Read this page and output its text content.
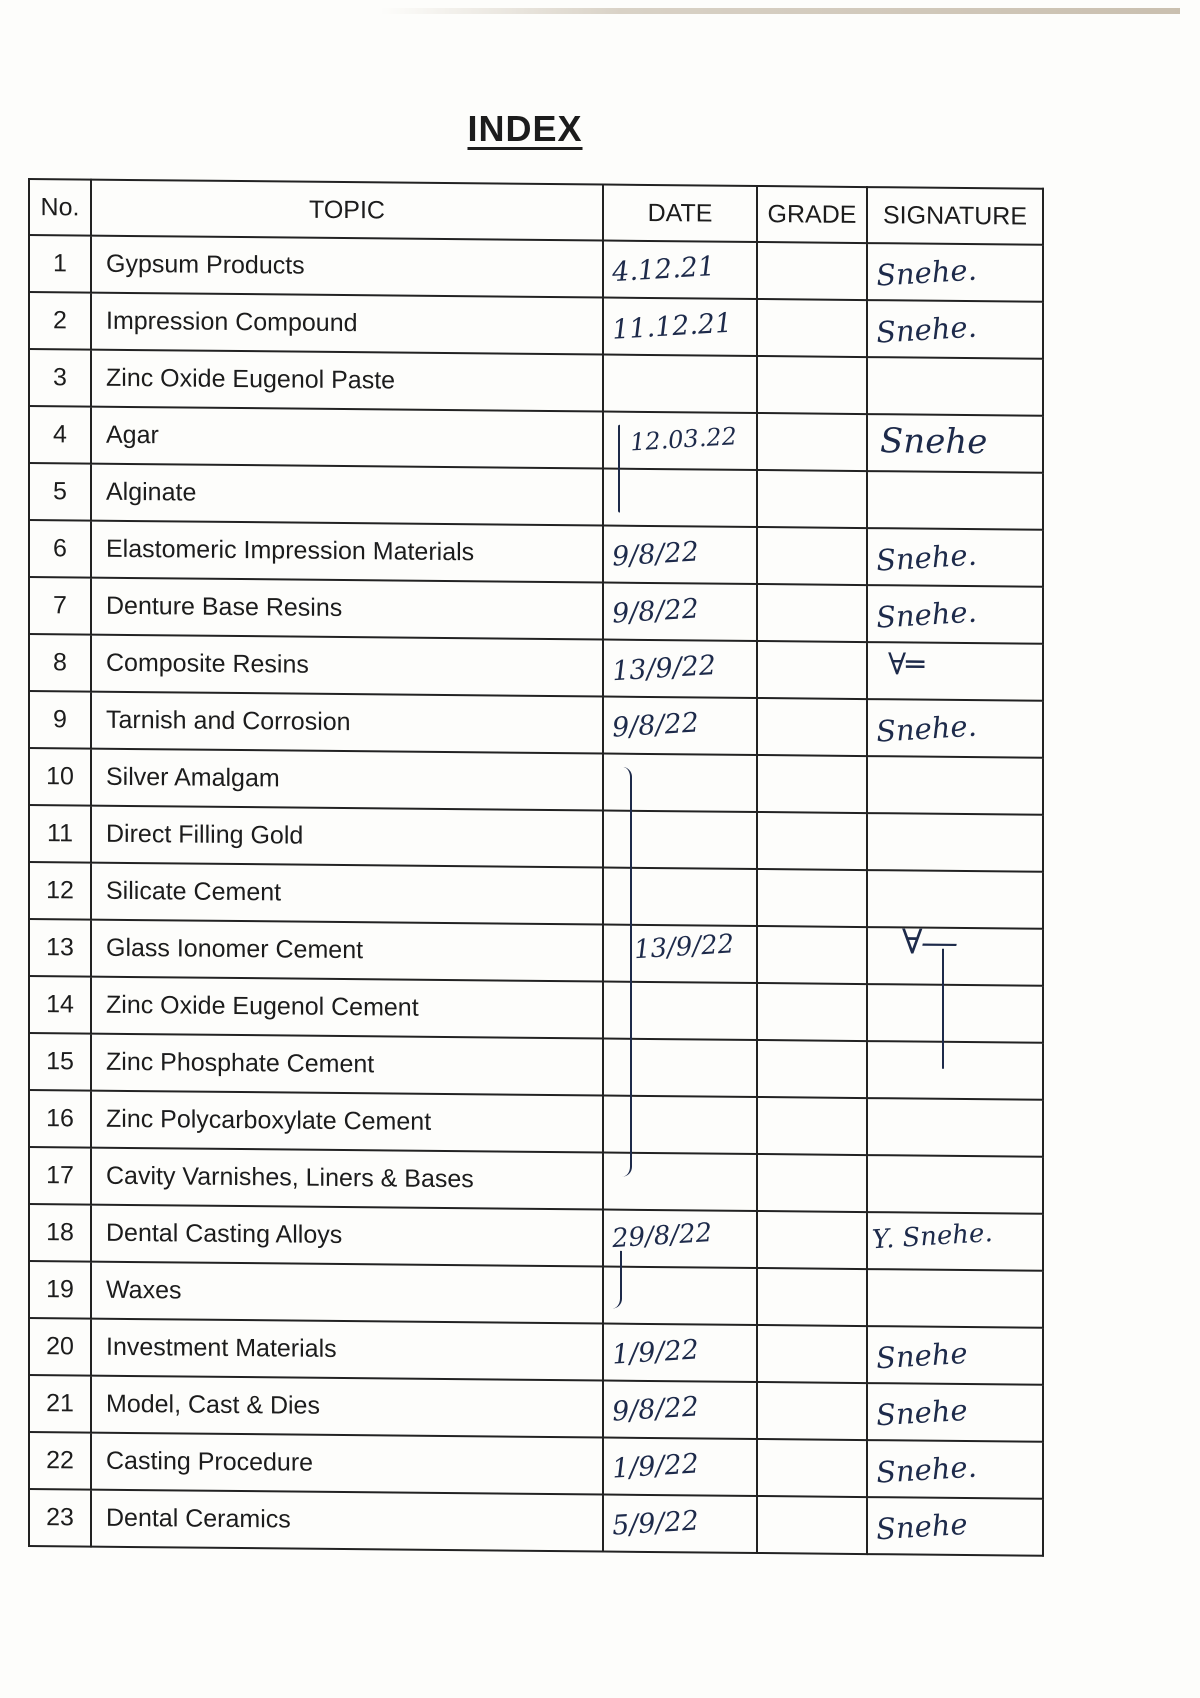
INDEX
No.	TOPIC	DATE	GRADE	SIGNATURE
1	Gypsum Products	4.12.21		Snehe.
2	Impression Compound	11.12.21		Snehe.
3	Zinc Oxide Eugenol Paste			
4	Agar	12.03.22		Snehe

5	Alginate			
6	Elastomeric Impression Materials	9/8/22		Snehe.
7	Denture Base Resins	9/8/22		Snehe.
8	Composite Resins	13/9/22		∀═

9	Tarnish and Corrosion	9/8/22		Snehe.
10	Silver Amalgam	

11	Direct Filling Gold			
12	Silicate Cement			
13	Glass Ionomer Cement	13/9/22		∀―

14	Zinc Oxide Eugenol Cement			
15	Zinc Phosphate Cement			
16	Zinc Polycarboxylate Cement			
17	Cavity Varnishes, Liners & Bases			
18	Dental Casting Alloys	29/8/22		Y. Snehe.

19	Waxes			
20	Investment Materials	1/9/22		Snehe
21	Model, Cast & Dies	9/8/22		Snehe
22	Casting Procedure	1/9/22		Snehe.
23	Dental Ceramics	5/9/22		Snehe
